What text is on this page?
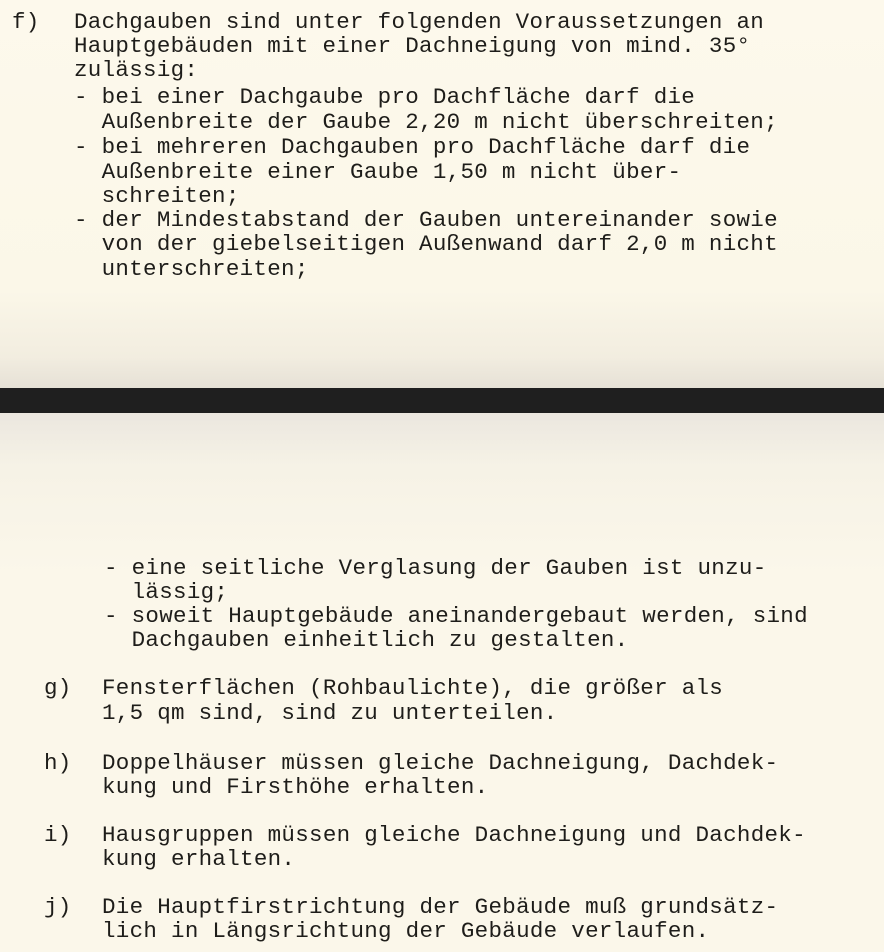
f) Dachgauben sind unter folgenden Voraussetzungen an

Hauptgebäuden mit einer Dachneigung von mind. 35°

zulässig:

- bei einer Dachgaube pro Dachfläche darf die

Außenbreite der Gaube 2,20 m nicht überschreiten;

- bei mehreren Dachgauben pro Dachfläche darf die

Außenbreite einer Gaube 1,50 m nicht über-

schreiten;

- der Mindestabstand der Gauben untereinander sowie

von der giebelseitigen Außenwand darf 2,0 m nicht

unterschreiten;

- eine seitliche Verglasung der Gauben ist unzu-

lässig;

- soweit Hauptgebäude aneinandergebaut werden, sind

Dachgauben einheitlich zu gestalten.

g) Fensterflächen (Rohbaulichte), die größer als

1,5 qm sind, sind zu unterteilen.

h) Doppelhäuser müssen gleiche Dachneigung, Dachdek-

kung und Firsthöhe erhalten.

i) Hausgruppen müssen gleiche Dachneigung und Dachdek-

kung erhalten.

j) Die Hauptfirstrichtung der Gebäude muß grundsätz-

lich in Längsrichtung der Gebäude verlaufen.
